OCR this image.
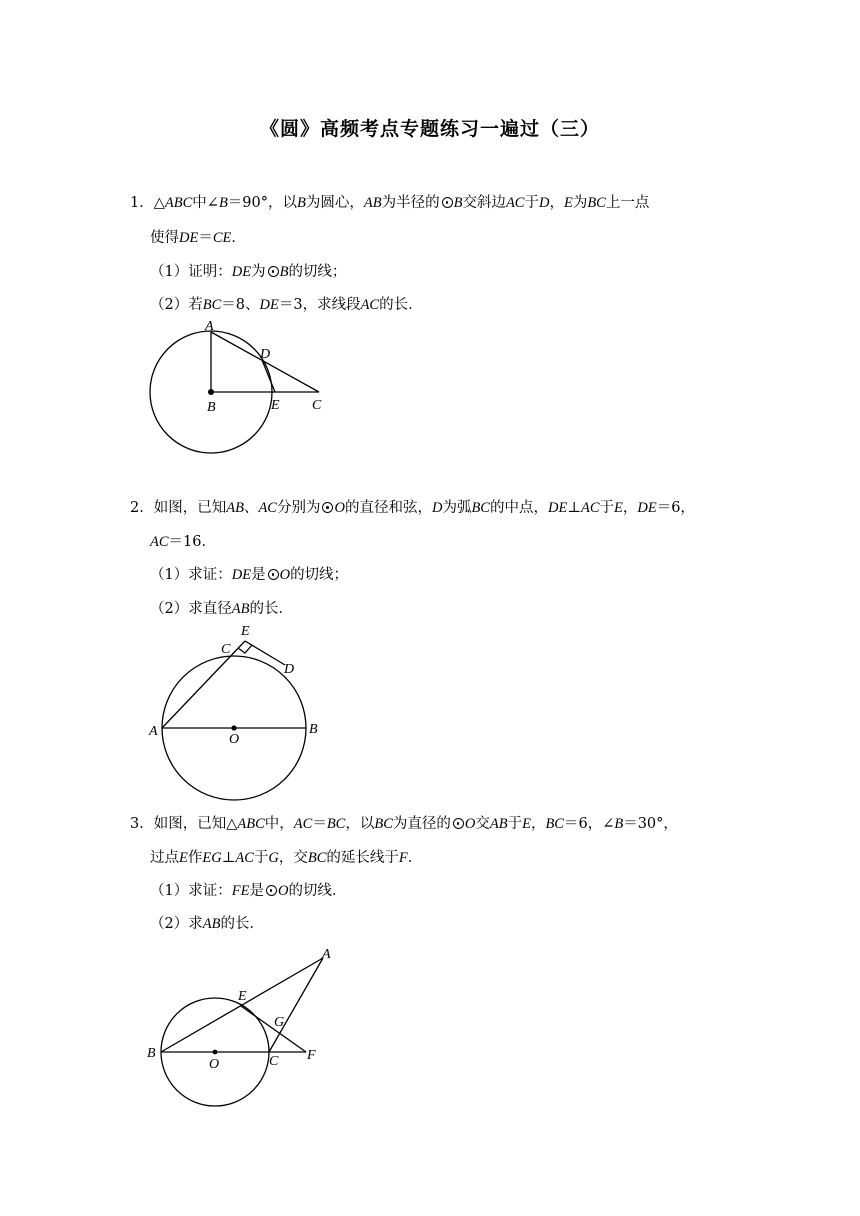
《圆》高频考点专题练习一遍过（三）
1．△ABC中∠B＝90°，以B为圆心，AB为半径的 B交斜边AC于D，E为BC上一点
使得DE＝CE．
（1）证明：DE为 B的切线；
（2）若BC＝8、DE＝3，求线段AC的长．
A
B	C
D
E
2．如图，已知AB、AC分别为 O的直径和弦，D为弧BC的中点，DE⊥AC于E，DE＝6，
AC＝16．
（1）求证：DE是 O的切线；
（2）求直径AB的长．
A	B
C
D
E
O
3．如图，已知△ABC中，AC＝BC，以BC为直径的 O交AB于E，BC＝6，∠B＝30°，
过点E作EG⊥AC于G，交BC的延长线于F．
（1）求证：FE是 O的切线．
（2）求AB的长．
A
B
C
E
F
G
O
